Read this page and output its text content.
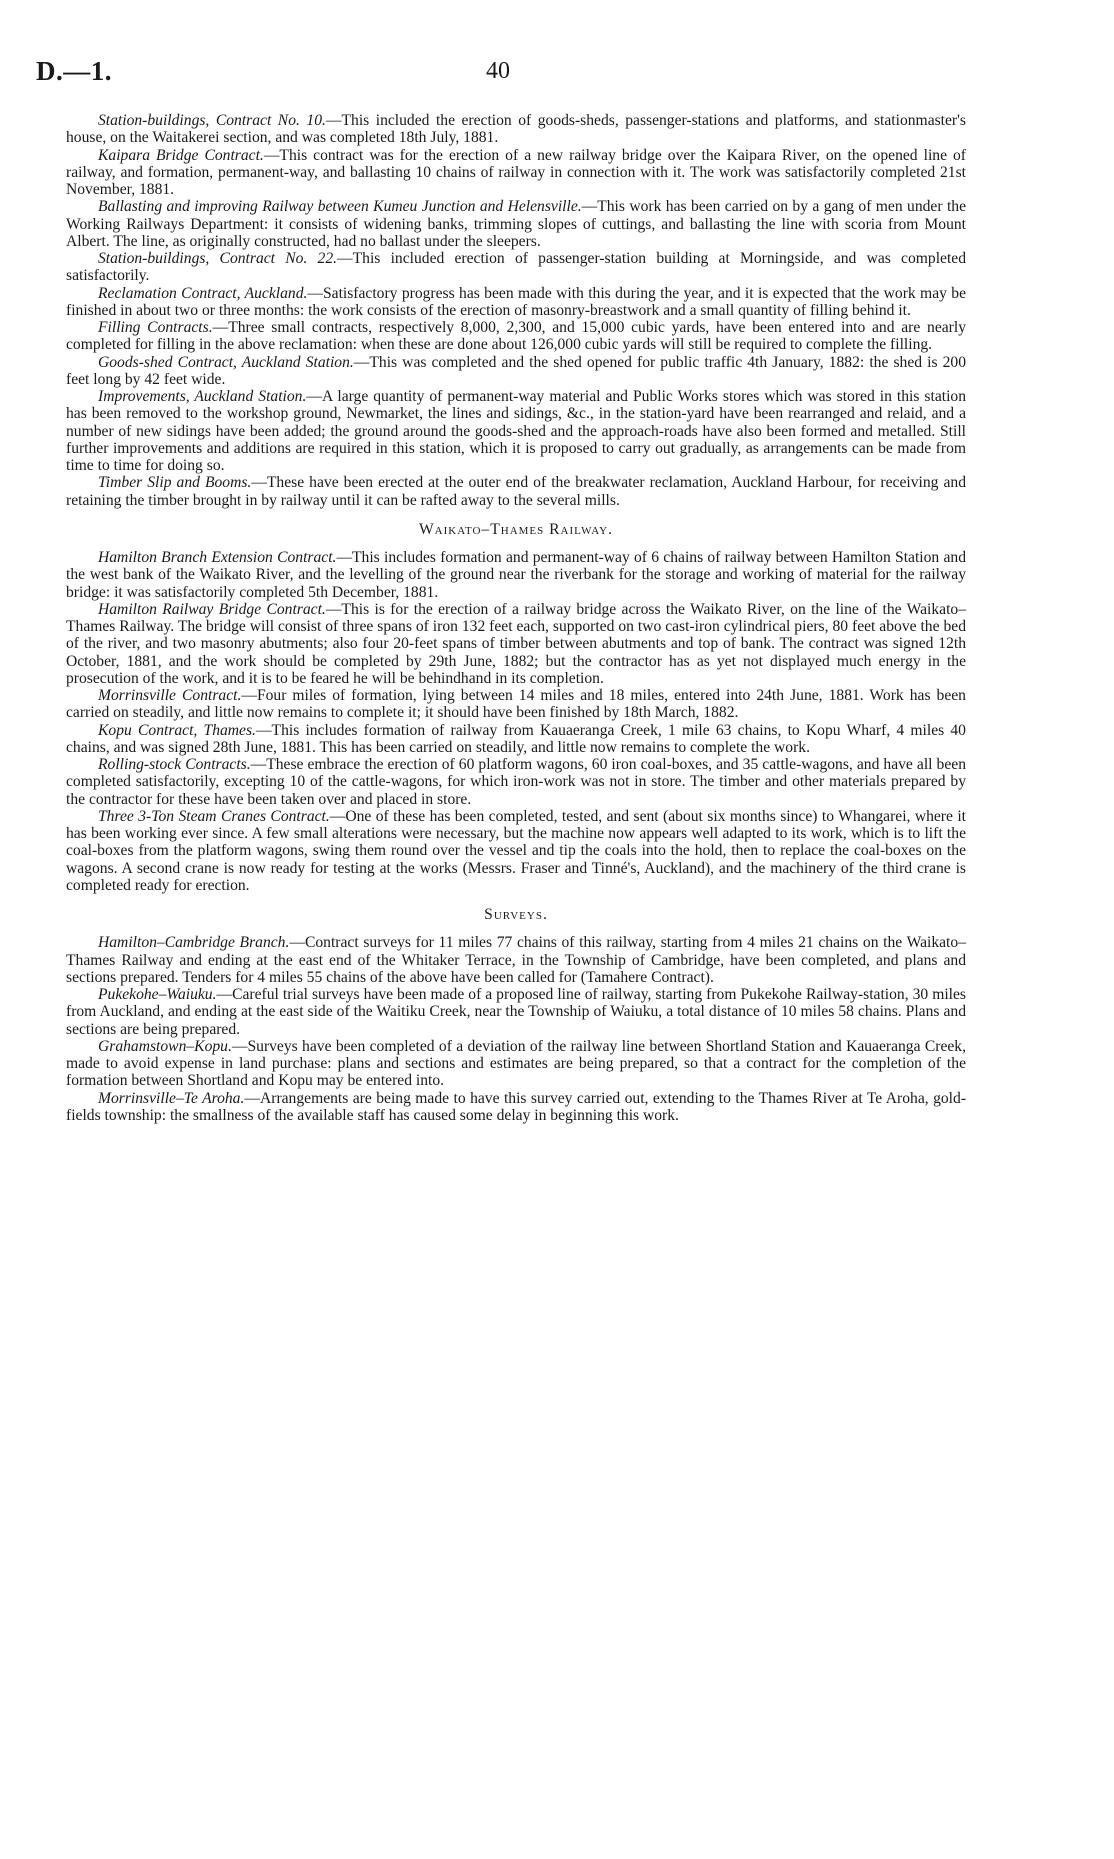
D.—1.	40

Station-buildings, Contract No. 10.—This included the erection of goods-sheds, passenger-stations and platforms, and stationmaster's house, on the Waitakerei section, and was completed 18th July, 1881.

Kaipara Bridge Contract.—This contract was for the erection of a new railway bridge over the Kaipara River, on the opened line of railway, and formation, permanent-way, and ballasting 10 chains of railway in connection with it. The work was satisfactorily completed 21st November, 1881.

Ballasting and improving Railway between Kumeu Junction and Helensville.—This work has been carried on by a gang of men under the Working Railways Department: it consists of widening banks, trimming slopes of cuttings, and ballasting the line with scoria from Mount Albert. The line, as originally constructed, had no ballast under the sleepers.

Station-buildings, Contract No. 22.—This included erection of passenger-station building at Morningside, and was completed satisfactorily.

Reclamation Contract, Auckland.—Satisfactory progress has been made with this during the year, and it is expected that the work may be finished in about two or three months: the work consists of the erection of masonry-breastwork and a small quantity of filling behind it.

Filling Contracts.—Three small contracts, respectively 8,000, 2,300, and 15,000 cubic yards, have been entered into and are nearly completed for filling in the above reclamation: when these are done about 126,000 cubic yards will still be required to complete the filling.

Goods-shed Contract, Auckland Station.—This was completed and the shed opened for public traffic 4th January, 1882: the shed is 200 feet long by 42 feet wide.

Improvements, Auckland Station.—A large quantity of permanent-way material and Public Works stores which was stored in this station has been removed to the workshop ground, Newmarket, the lines and sidings, &c., in the station-yard have been rearranged and relaid, and a number of new sidings have been added; the ground around the goods-shed and the approach-roads have also been formed and metalled. Still further improvements and additions are required in this station, which it is proposed to carry out gradually, as arrangements can be made from time to time for doing so.

Timber Slip and Booms.—These have been erected at the outer end of the breakwater reclamation, Auckland Harbour, for receiving and retaining the timber brought in by railway until it can be rafted away to the several mills.

Waikato–Thames Railway.

Hamilton Branch Extension Contract.—This includes formation and permanent-way of 6 chains of railway between Hamilton Station and the west bank of the Waikato River, and the levelling of the ground near the riverbank for the storage and working of material for the railway bridge: it was satisfactorily completed 5th December, 1881.

Hamilton Railway Bridge Contract.—This is for the erection of a railway bridge across the Waikato River, on the line of the Waikato–Thames Railway. The bridge will consist of three spans of iron 132 feet each, supported on two cast-iron cylindrical piers, 80 feet above the bed of the river, and two masonry abutments; also four 20-feet spans of timber between abutments and top of bank. The contract was signed 12th October, 1881, and the work should be completed by 29th June, 1882; but the contractor has as yet not displayed much energy in the prosecution of the work, and it is to be feared he will be behindhand in its completion.

Morrinsville Contract.—Four miles of formation, lying between 14 miles and 18 miles, entered into 24th June, 1881. Work has been carried on steadily, and little now remains to complete it; it should have been finished by 18th March, 1882.

Kopu Contract, Thames.—This includes formation of railway from Kauaeranga Creek, 1 mile 63 chains, to Kopu Wharf, 4 miles 40 chains, and was signed 28th June, 1881. This has been carried on steadily, and little now remains to complete the work.

Rolling-stock Contracts.—These embrace the erection of 60 platform wagons, 60 iron coal-boxes, and 35 cattle-wagons, and have all been completed satisfactorily, excepting 10 of the cattle-wagons, for which iron-work was not in store. The timber and other materials prepared by the contractor for these have been taken over and placed in store.

Three 3-Ton Steam Cranes Contract.—One of these has been completed, tested, and sent (about six months since) to Whangarei, where it has been working ever since. A few small alterations were necessary, but the machine now appears well adapted to its work, which is to lift the coal-boxes from the platform wagons, swing them round over the vessel and tip the coals into the hold, then to replace the coal-boxes on the wagons. A second crane is now ready for testing at the works (Messrs. Fraser and Tinné's, Auckland), and the machinery of the third crane is completed ready for erection.

Surveys.

Hamilton–Cambridge Branch.—Contract surveys for 11 miles 77 chains of this railway, starting from 4 miles 21 chains on the Waikato–Thames Railway and ending at the east end of the Whitaker Terrace, in the Township of Cambridge, have been completed, and plans and sections prepared. Tenders for 4 miles 55 chains of the above have been called for (Tamahere Contract).

Pukekohe–Waiuku.—Careful trial surveys have been made of a proposed line of railway, starting from Pukekohe Railway-station, 30 miles from Auckland, and ending at the east side of the Waitiku Creek, near the Township of Waiuku, a total distance of 10 miles 58 chains. Plans and sections are being prepared.

Grahamstown–Kopu.—Surveys have been completed of a deviation of the railway line between Shortland Station and Kauaeranga Creek, made to avoid expense in land purchase: plans and sections and estimates are being prepared, so that a contract for the completion of the formation between Shortland and Kopu may be entered into.

Morrinsville–Te Aroha.—Arrangements are being made to have this survey carried out, extending to the Thames River at Te Aroha, gold-fields township: the smallness of the available staff has caused some delay in beginning this work.
